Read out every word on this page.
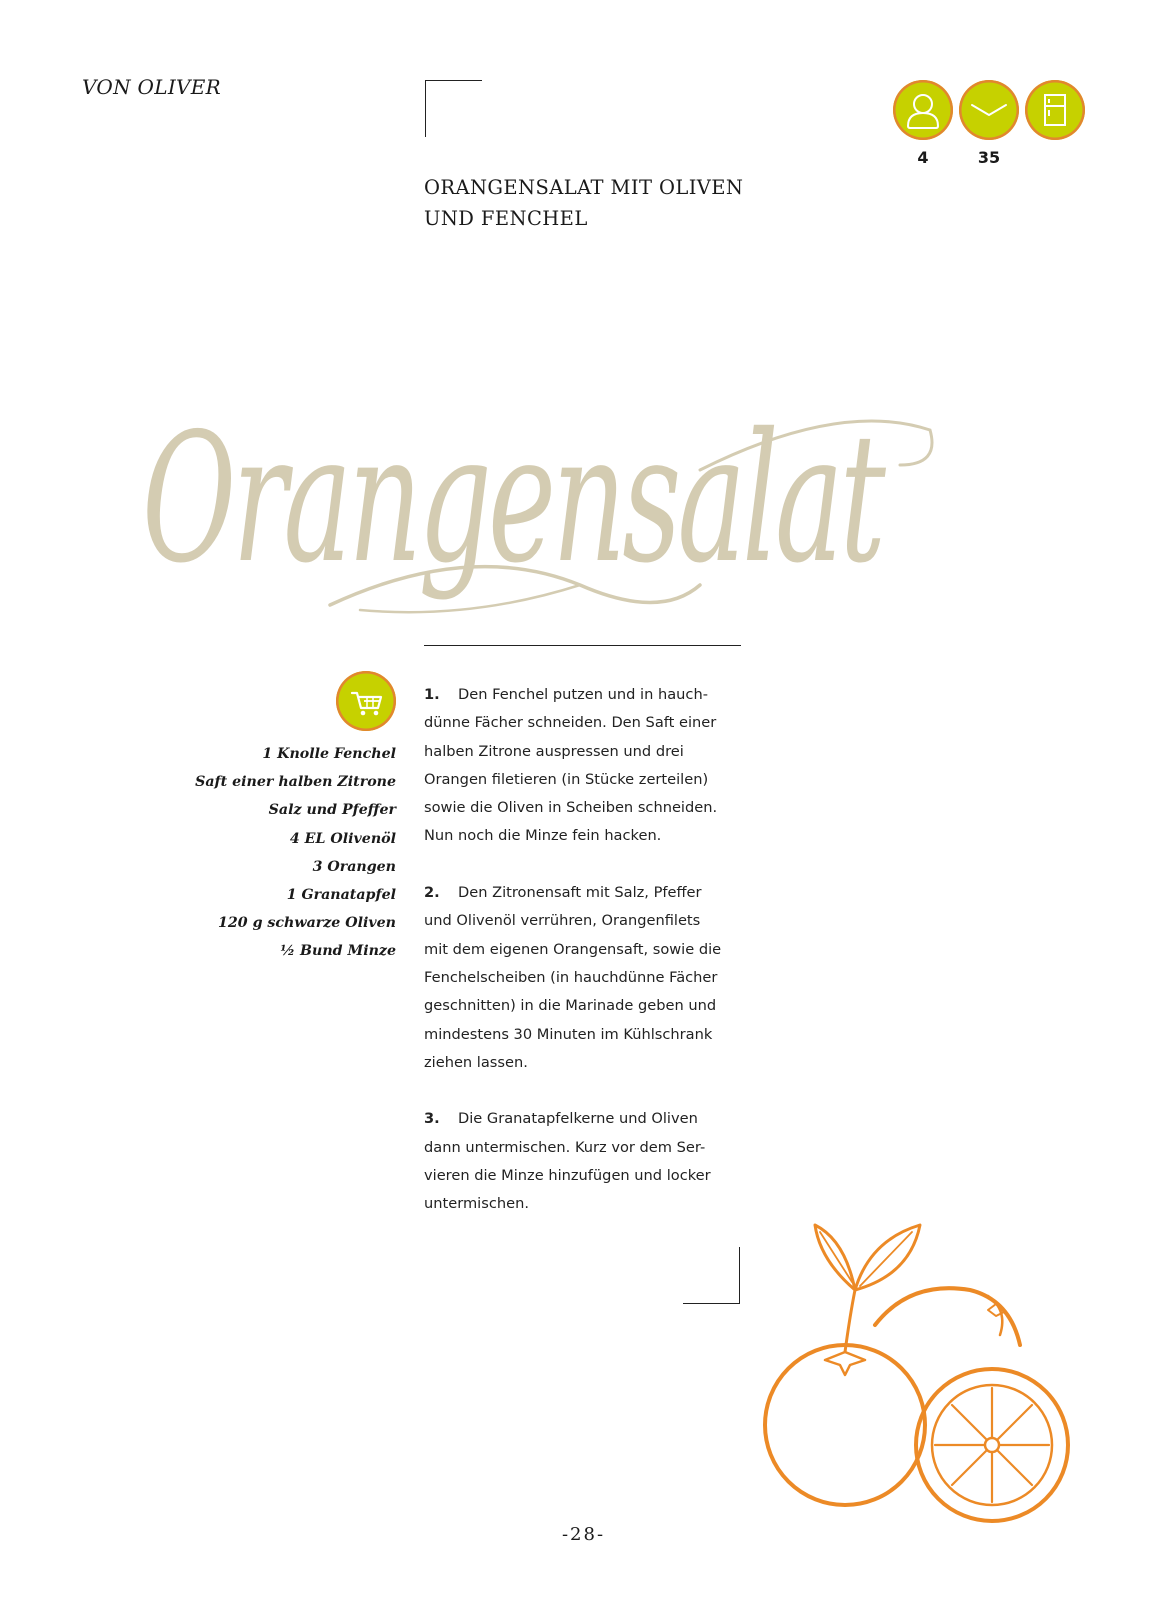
VON OLIVER
ORANGENSALAT MIT OLIVEN
UND FENCHEL
4	35
Orangensalat
1 Knolle Fenchel
Saft einer halben Zitrone
Salz und Pfeffer
4 EL Olivenöl
3 Orangen
1 Granatapfel
120 g schwarze Oliven
½ Bund Minze
1. Den Fenchel putzen und in hauch-
dünne Fächer schneiden. Den Saft einer
halben Zitrone auspressen und drei
Orangen filetieren (in Stücke zerteilen)
sowie die Oliven in Scheiben schneiden.
Nun noch die Minze fein hacken.
2. Den Zitronensaft mit Salz, Pfeffer
und Olivenöl verrühren, Orangenfilets
mit dem eigenen Orangensaft, sowie die
Fenchelscheiben (in hauchdünne Fächer
geschnitten) in die Marinade geben und
mindestens 30 Minuten im Kühlschrank
ziehen lassen.
3. Die Granatapfelkerne und Oliven
dann untermischen. Kurz vor dem Ser-
vieren die Minze hinzufügen und locker
untermischen.
-28-
